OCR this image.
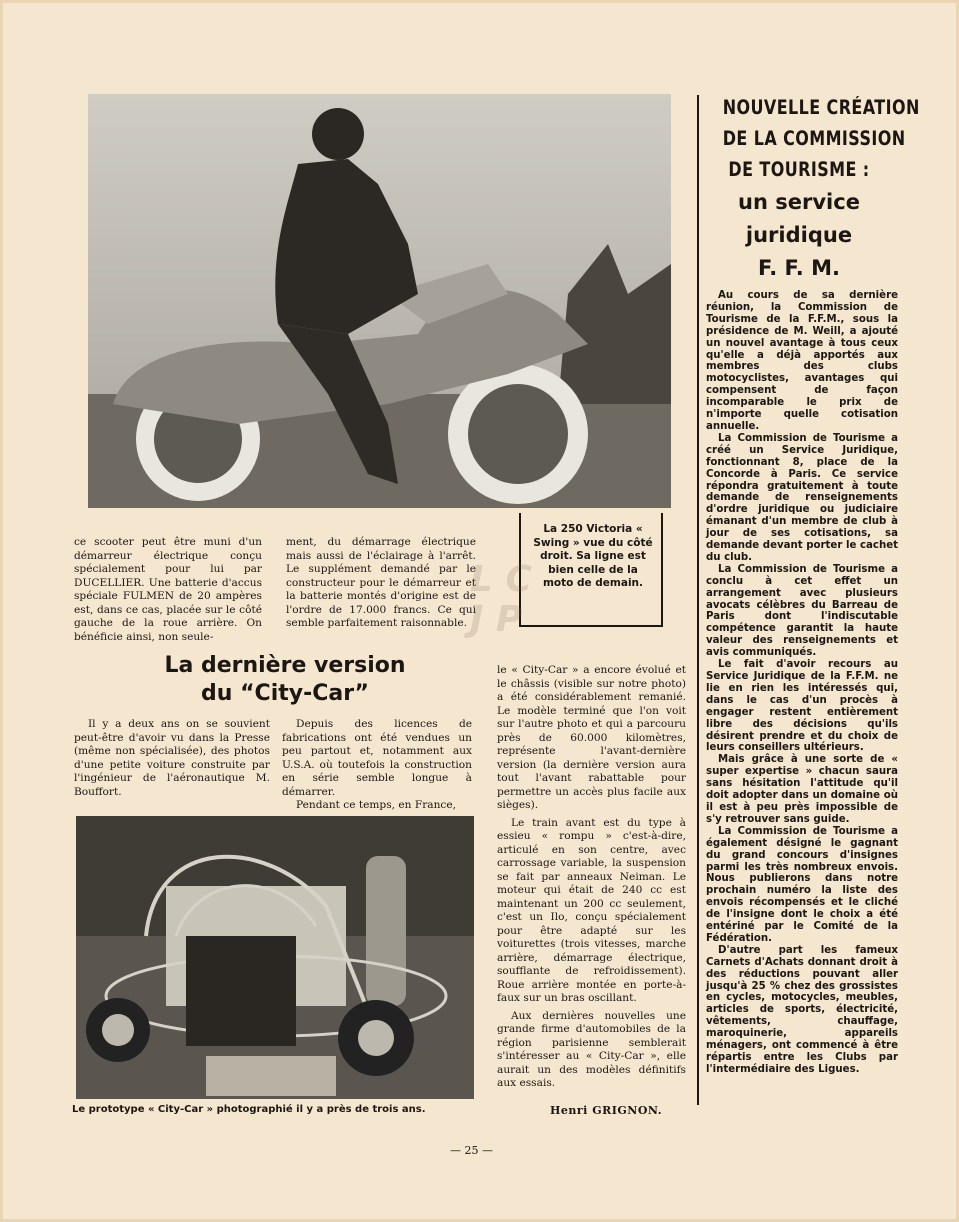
ce scooter peut être muni d'un démarreur électrique conçu spécialement pour lui par DUCELLIER. Une batterie d'accus spéciale FULMEN de 20 ampères est, dans ce cas, placée sur le côté gauche de la roue arrière. On bénéficie ainsi, non seule-

ment, du démarrage électrique mais aussi de l'éclairage à l'arrêt. Le supplément demandé par le constructeur pour le démarreur et la batterie montés d'origine est de l'ordre de 17.000 francs. Ce qui semble parfaitement raisonnable.

La 250 Victoria « Swing » vue du côté droit. Sa ligne est bien celle de la moto de demain.
L C
J P
La dernière version
du “City-Car”

Il y a deux ans on se souvient peut-être d'avoir vu dans la Presse (même non spécialisée), des photos d'une petite voiture construite par l'ingénieur de l'aéronautique M. Bouffort.

Depuis des licences de fabrications ont été vendues un peu partout et, notamment aux U.S.A. où toutefois la construction en série semble longue à démarrer.

Pendant ce temps, en France,

le « City-Car » a encore évolué et le châssis (visible sur notre photo) a été considérablement remanié. Le modèle terminé que l'on voit sur l'autre photo et qui a parcouru près de 60.000 kilomètres, représente l'avant-dernière version (la dernière version aura tout l'avant rabattable pour permettre un accès plus facile aux sièges).

Le train avant est du type à essieu « rompu » c'est-à-dire, articulé en son centre, avec carrossage variable, la suspension se fait par anneaux Neiman. Le moteur qui était de 240 cc est maintenant un 200 cc seulement, c'est un Ilo, conçu spécialement pour être adapté sur les voiturettes (trois vitesses, marche arrière, démarrage électrique, soufflante de refroidissement). Roue arrière montée en porte-à-faux sur un bras oscillant.

Aux dernières nouvelles une grande firme d'automobiles de la région parisienne semblerait s'intéresser au « City-Car », elle aurait un des modèles définitifs aux essais.

Le prototype « City-Car » photographié il y a près de trois ans.	Henri GRIGNON.
— 25 —
NOUVELLE CRÉATION
DE LA COMMISSION
DE TOURISME :
un service
juridique
F. F. M.

Au cours de sa dernière réunion, la Commission de Tourisme de la F.F.M., sous la présidence de M. Weill, a ajouté un nouvel avantage à tous ceux qu'elle a déjà apportés aux membres des clubs motocyclistes, avantages qui compensent de façon incomparable le prix de n'importe quelle cotisation annuelle.

La Commission de Tourisme a créé un Service Juridique, fonctionnant 8, place de la Concorde à Paris. Ce service répondra gratuitement à toute demande de renseignements d'ordre juridique ou judiciaire émanant d'un membre de club à jour de ses cotisations, sa demande devant porter le cachet du club.

La Commission de Tourisme a conclu à cet effet un arrangement avec plusieurs avocats célèbres du Barreau de Paris dont l'indiscutable compétence garantit la haute valeur des renseignements et avis communiqués.

Le fait d'avoir recours au Service Juridique de la F.F.M. ne lie en rien les intéressés qui, dans le cas d'un procès à engager restent entièrement libre des décisions qu'ils désirent prendre et du choix de leurs conseillers ultérieurs.

Mais grâce à une sorte de « super expertise » chacun saura sans hésitation l'attitude qu'il doit adopter dans un domaine où il est à peu près impossible de s'y retrouver sans guide.

La Commission de Tourisme a également désigné le gagnant du grand concours d'insignes parmi les très nombreux envois. Nous publierons dans notre prochain numéro la liste des envois récompensés et le cliché de l'insigne dont le choix a été entériné par le Comité de la Fédération.

D'autre part les fameux Carnets d'Achats donnant droit à des réductions pouvant aller jusqu'à 25 % chez des grossistes en cycles, motocycles, meubles, articles de sports, électricité, vêtements, chauffage, maroquinerie, appareils ménagers, ont commencé à être répartis entre les Clubs par l'intermédiaire des Ligues.
